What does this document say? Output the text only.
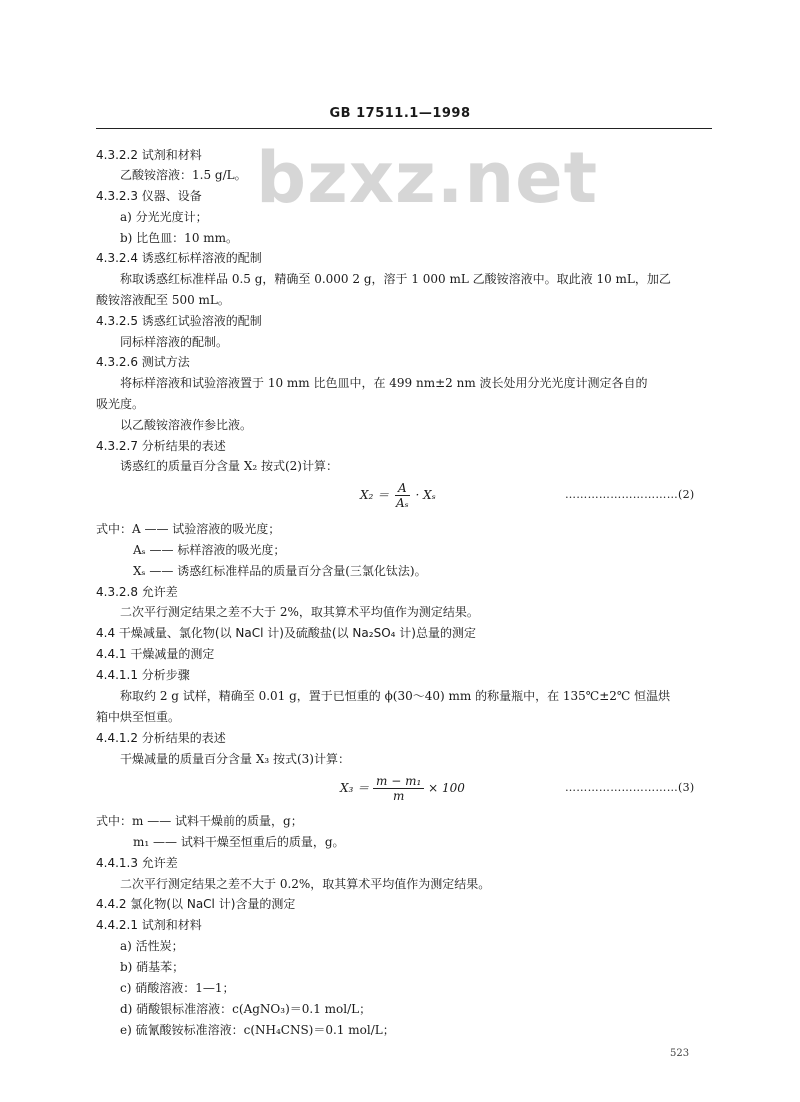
GB 17511.1—1998
bzxz.net
4.3.2.2 试剂和材料
乙酸铵溶液：1.5 g/L。
4.3.2.3 仪器、设备
a) 分光光度计；
b) 比色皿：10 mm。
4.3.2.4 诱惑红标样溶液的配制
称取诱惑红标准样品 0.5 g，精确至 0.000 2 g，溶于 1 000 mL 乙酸铵溶液中。取此液 10 mL，加乙
酸铵溶液配至 500 mL。
4.3.2.5 诱惑红试验溶液的配制
同标样溶液的配制。
4.3.2.6 测试方法
将标样溶液和试验溶液置于 10 mm 比色皿中，在 499 nm±2 nm 波长处用分光光度计测定各自的
吸光度。
以乙酸铵溶液作参比液。
4.3.2.7 分析结果的表述
诱惑红的质量百分含量 X₂ 按式(2)计算：
$X_2 = \frac{A}{\text{Aₛ}} \cdot X_s$	…………………………(2)
式中：A —— 试验溶液的吸光度；
Aₛ —— 标样溶液的吸光度；
Xₛ —— 诱惑红标准样品的质量百分含量(三氯化钛法)。
4.3.2.8 允许差
二次平行测定结果之差不大于 2%，取其算术平均值作为测定结果。
4.4 干燥减量、氯化物(以 NaCl 计)及硫酸盐(以 Na₂SO₄ 计)总量的测定
4.4.1 干燥减量的测定
4.4.1.1 分析步骤
称取约 2 g 试样，精确至 0.01 g，置于已恒重的 ϕ(30～40) mm 的称量瓶中，在 135℃±2℃ 恒温烘
箱中烘至恒重。
4.4.1.2 分析结果的表述
干燥减量的质量百分含量 X₃ 按式(3)计算：
$X_3 = \frac{\text{m − m₁}}{m} \times 100$	…………………………(3)
式中：m —— 试料干燥前的质量，g；
m₁ —— 试料干燥至恒重后的质量，g。
4.4.1.3 允许差
二次平行测定结果之差不大于 0.2%，取其算术平均值作为测定结果。
4.4.2 氯化物(以 NaCl 计)含量的测定
4.4.2.1 试剂和材料
a) 活性炭；
b) 硝基苯；
c) 硝酸溶液：1—1；
d) 硝酸银标准溶液：c(AgNO₃)＝0.1 mol/L；
e) 硫氰酸铵标准溶液：c(NH₄CNS)＝0.1 mol/L；
523
